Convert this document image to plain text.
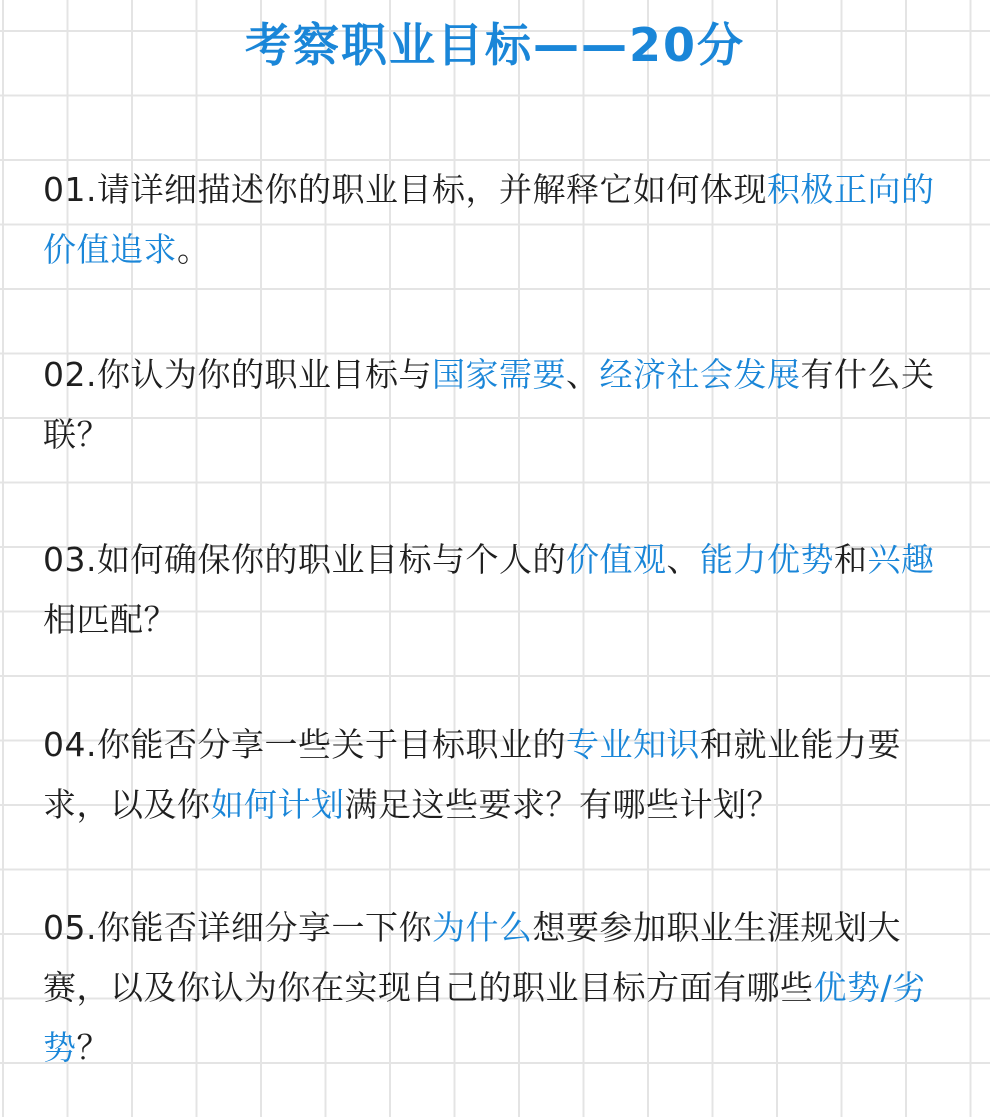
考察职业目标——20分
01.请详细描述你的职业目标，并解释它如何体现积极正向的价值追求。
02.你认为你的职业目标与国家需要、经济社会发展有什么关联？
03.如何确保你的职业目标与个人的价值观、能力优势和兴趣相匹配？
04.你能否分享一些关于目标职业的专业知识和就业能力要求，以及你如何计划满足这些要求？有哪些计划？
05.你能否详细分享一下你为什么想要参加职业生涯规划大赛，以及你认为你在实现自己的职业目标方面有哪些优势/劣势？
